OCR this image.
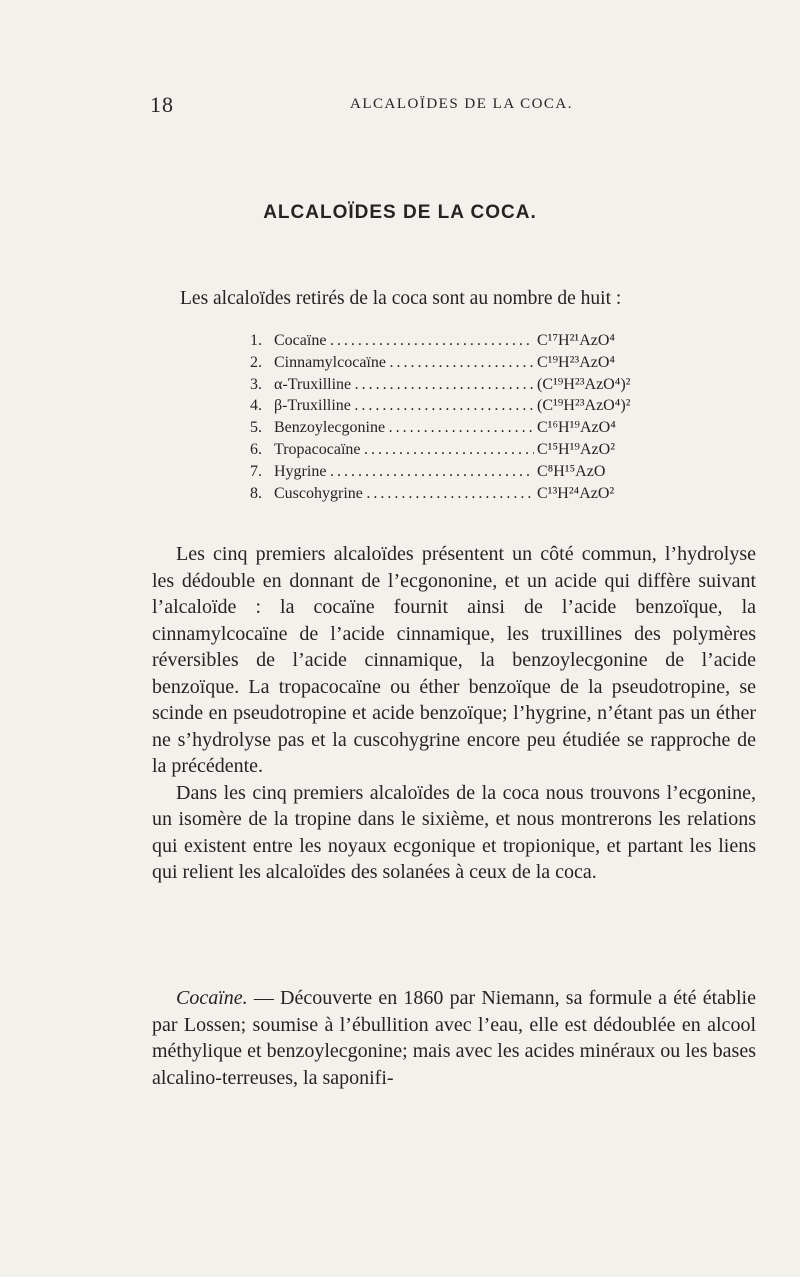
18	ALCALOÏDES DE LA COCA.
ALCALOÏDES DE LA COCA.
Les alcaloïdes retirés de la coca sont au nombre de huit :
1. Cocaïne . . .	C¹⁷H²¹AzO⁴
2. Cinnamylcocaïne . . .	C¹⁹H²³AzO⁴
3. α-Truxilline . . .	(C¹⁹H²³AzO⁴)²
4. β-Truxilline . . .	(C¹⁹H²³AzO⁴)²
5. Benzoylecgonine . . .	C¹⁶H¹⁹AzO⁴
6. Tropacocaïne . . .	C¹⁵H¹⁹AzO²
7. Hygrine . . .	C⁸H¹⁵AzO
8. Cuscohygrine . . .	C¹³H²⁴AzO²

Les cinq premiers alcaloïdes présentent un côté commun, l’hydrolyse les dédouble en donnant de l’ecgononine, et un acide qui diffère suivant l’alcaloïde : la cocaïne fournit ainsi de l’acide benzoïque, la cinnamylcocaïne de l’acide cinnamique, les truxillines des polymères réversibles de l’acide cinnamique, la benzoylecgonine de l’acide benzoïque. La tropacocaïne ou éther benzoïque de la pseudotropine, se scinde en pseudotropine et acide benzoïque; l’hygrine, n’étant pas un éther ne s’hydrolyse pas et la cuscohygrine encore peu étudiée se rapproche de la précédente.

Dans les cinq premiers alcaloïdes de la coca nous trouvons l’ecgonine, un isomère de la tropine dans le sixième, et nous montrerons les relations qui existent entre les noyaux ecgonique et tropionique, et partant les liens qui relient les alcaloïdes des solanées à ceux de la coca.

Cocaïne. — Découverte en 1860 par Niemann, sa formule a été établie par Lossen; soumise à l’ébullition avec l’eau, elle est dédoublée en alcool méthylique et benzoylecgonine; mais avec les acides minéraux ou les bases alcalino-terreuses, la saponifi-
